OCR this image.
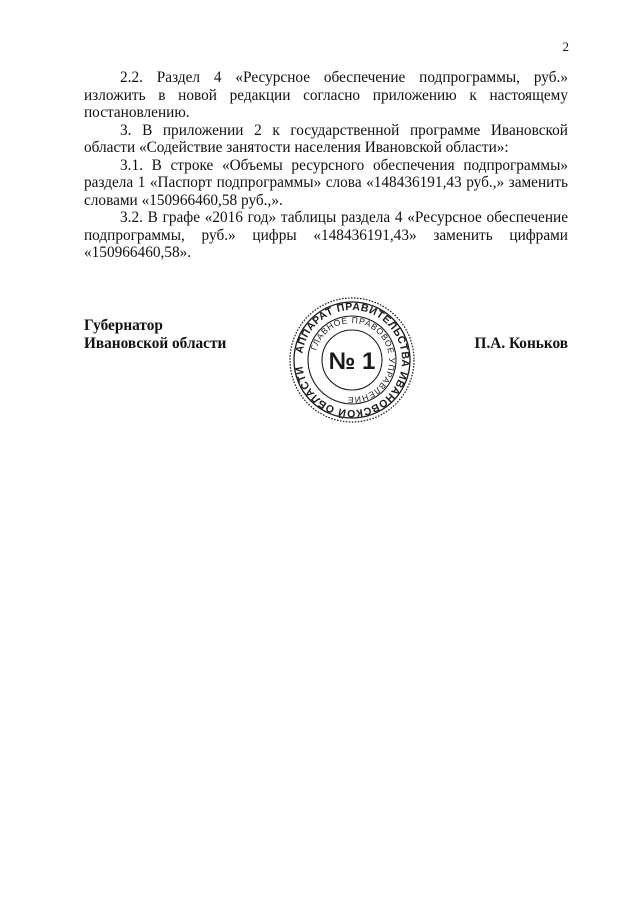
2

2.2. Раздел 4 «Ресурсное обеспечение подпрограммы, руб.» изложить в новой редакции согласно приложению к настоящему постановлению.

3. В приложении 2 к государственной программе Ивановской области «Содействие занятости населения Ивановской области»:

3.1. В строке «Объемы ресурсного обеспечения подпрограммы» раздела 1 «Паспорт подпрограммы» слова «148436191,43 руб.,» заменить словами «150966460,58 руб.,».

3.2. В графе «2016 год» таблицы раздела 4 «Ресурсное обеспечение подпрограммы, руб.» цифры «148436191,43» заменить цифрами «150966460,58».

Губернатор
Ивановской области	АППАРАТ ПРАВИТЕЛЬСТВА ИВАНОВСКОЙ ОБЛАСТИ
ГЛАВНОЕ ПРАВОВОЕ УПРАВЛЕНИЕ
№ 1
П.А. Коньков
